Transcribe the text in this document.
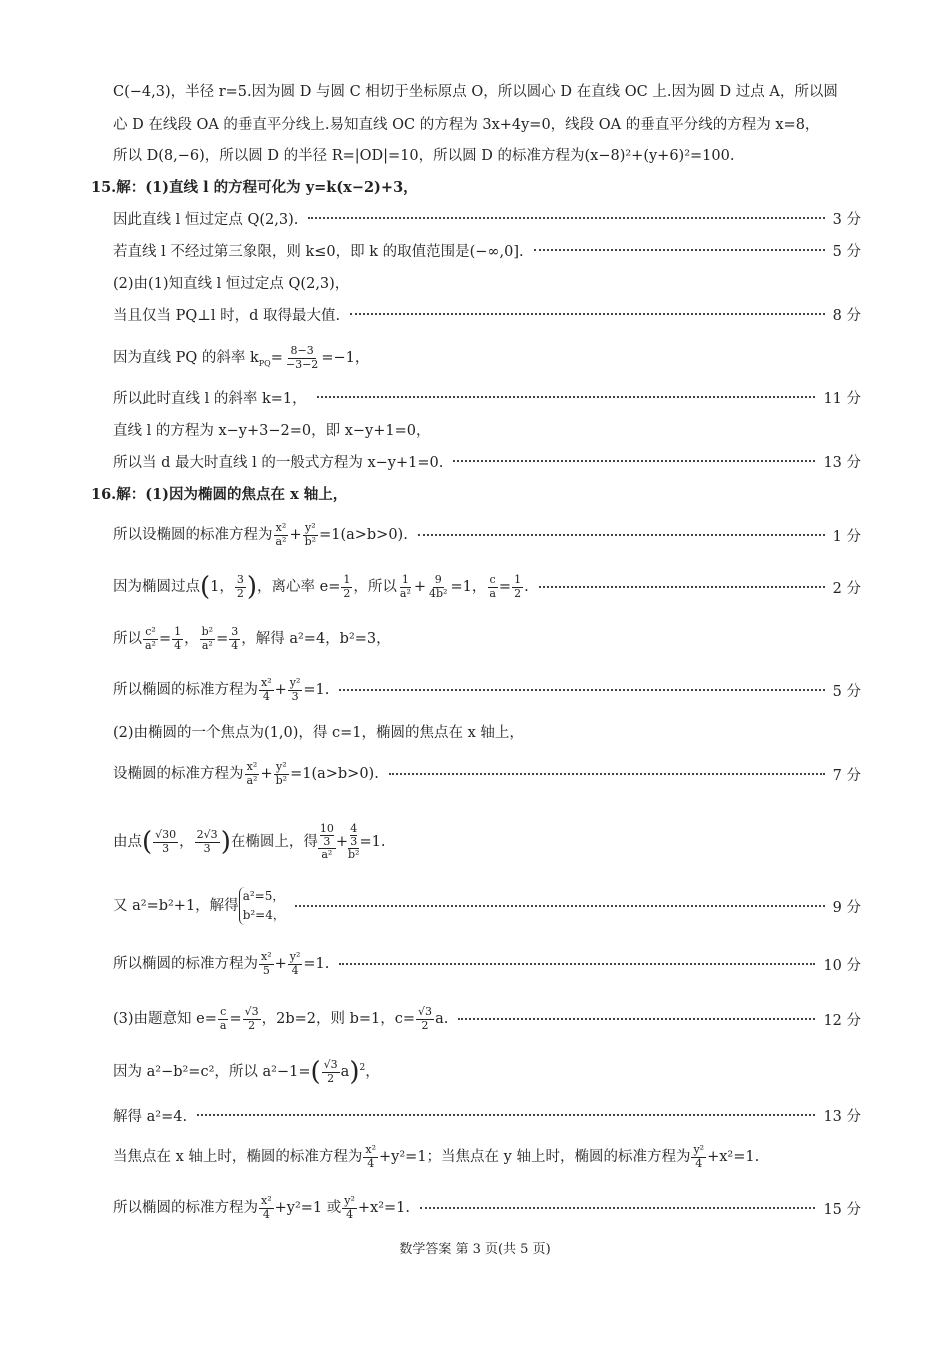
C(−4,3)，半径 r=5.因为圆 D 与圆 C 相切于坐标原点 O，所以圆心 D 在直线 OC 上.因为圆 D 过点 A，所以圆
心 D 在线段 OA 的垂直平分线上.易知直线 OC 的方程为 3x+4y=0，线段 OA 的垂直平分线的方程为 x=8，
所以 D(8,−6)，所以圆 D 的半径 R=|OD|=10，所以圆 D 的标准方程为(x−8)²+(y+6)²=100.
15.解：(1)直线 l 的方程可化为 y=k(x−2)+3，
因此直线 l 恒过定点 Q(2,3).	3 分
若直线 l 不经过第三象限，则 k≤0，即 k 的取值范围是(−∞,0].	5 分
(2)由(1)知直线 l 恒过定点 Q(2,3)，
当且仅当 PQ⊥l 时，d 取得最大值.	8 分
因为直线 PQ 的斜率 $k_{PQ}= \frac{8-3}{-3-2} =-1$，
所以此时直线 l 的斜率 k=1，	11 分
直线 l 的方程为 x−y+3−2=0，即 x−y+1=0，
所以当 d 最大时直线 l 的一般式方程为 x−y+1=0.	13 分
16.解：(1)因为椭圆的焦点在 x 轴上，
所以设椭圆的标准方程为 $\frac{\text{x²}}{\text{a²}} + \frac{\text{y²}}{\text{b²}} =1(a>b>0)$.	1 分
因为椭圆过点(1， $\frac{3}{2}$ )，离心率 $e= \frac{1}{2}$ ，所以 $\frac{1}{\text{a²}} + \frac{9}{\text{4b²}} =1$， $\frac{c}{a} = \frac{1}{2}$ .	2 分
所以 $\frac{\text{c²}}{\text{a²}} = \frac{1}{4}$ ， $\frac{\text{b²}}{\text{a²}} = \frac{3}{4}$ ，解得 a²=4，b²=3，
所以椭圆的标准方程为 $\frac{\text{x²}}{4} + \frac{\text{y²}}{3} =1$.	5 分
(2)由椭圆的一个焦点为(1,0)，得 c=1，椭圆的焦点在 x 轴上，
设椭圆的标准方程为 $\frac{\text{x²}}{\text{a²}} + \frac{\text{y²}}{\text{b²}} =1(a>b>0)$.	7 分
由点( $\frac{√30}{3}$ ， $\frac{2√3}{3}$ )在椭圆上，得 10
3
a² + 4
3
b² =1.
又 a²=b²+1，解得
a²=5，
b²=4，	9 分
所以椭圆的标准方程为 $\frac{\text{x²}}{5} + \frac{\text{y²}}{4} =1$.	10 分
(3)由题意知 $e= \frac{c}{a} = \frac{√3}{2}$ ，2b=2，则 b=1，$c= \frac{√3}{2} a$.	12 分
因为 a²−b²=c²，所以 $a^2-1=( \frac{√3}{2} a)^2$，
解得 a²=4.	13 分
当焦点在 x 轴上时，椭圆的标准方程为 $\frac{\text{x²}}{4} +y^2=1$；当焦点在 y 轴上时，椭圆的标准方程为 $\frac{\text{y²}}{4} +x^2=1$.
所以椭圆的标准方程为 $\frac{\text{x²}}{4} +y^2=1$ 或 $\frac{\text{y²}}{4} +x^2=1$.	15 分
数学答案 第 3 页(共 5 页)
